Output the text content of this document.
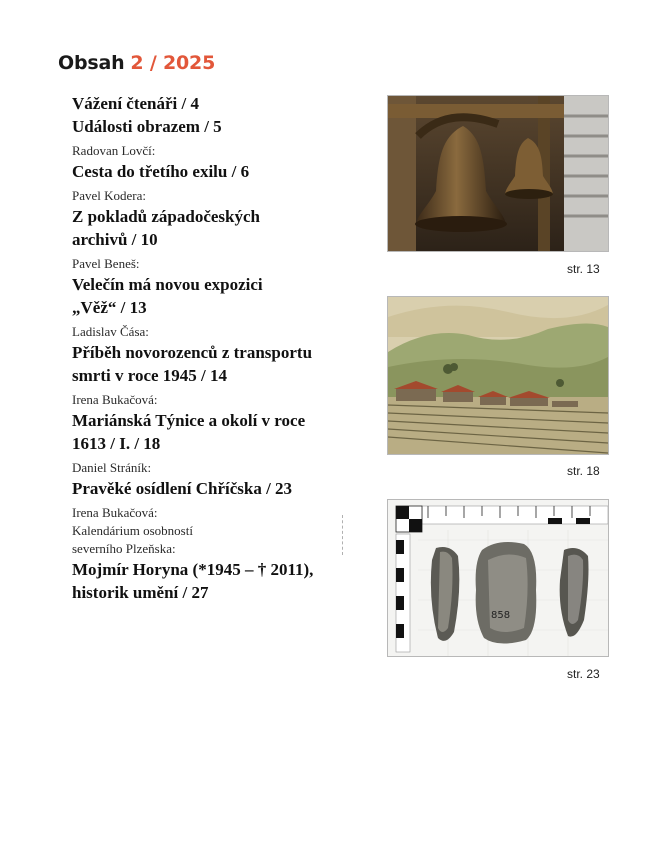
Obsah 2 / 2025
Vážení čtenáři / 4
Události obrazem / 5
Radovan Lovčí:
Cesta do třetího exilu / 6
Pavel Kodera:
Z pokladů západočeských
archivů / 10
Pavel Beneš:
Velečín má novou expozici
„Věž“ / 13
Ladislav Čása:
Příběh novorozenců z transportu
smrti v roce 1945 / 14
Irena Bukačová:
Mariánská Týnice a okolí v roce
1613 / I. / 18
Daniel Stráník:
Pravěké osídlení Chříčska / 23
Irena Bukačová:
Kalendárium osobností
severního Plzeňska:
Mojmír Horyna (*1945 – † 2011),
historik umění / 27
str. 13
str. 18
858
str. 23
